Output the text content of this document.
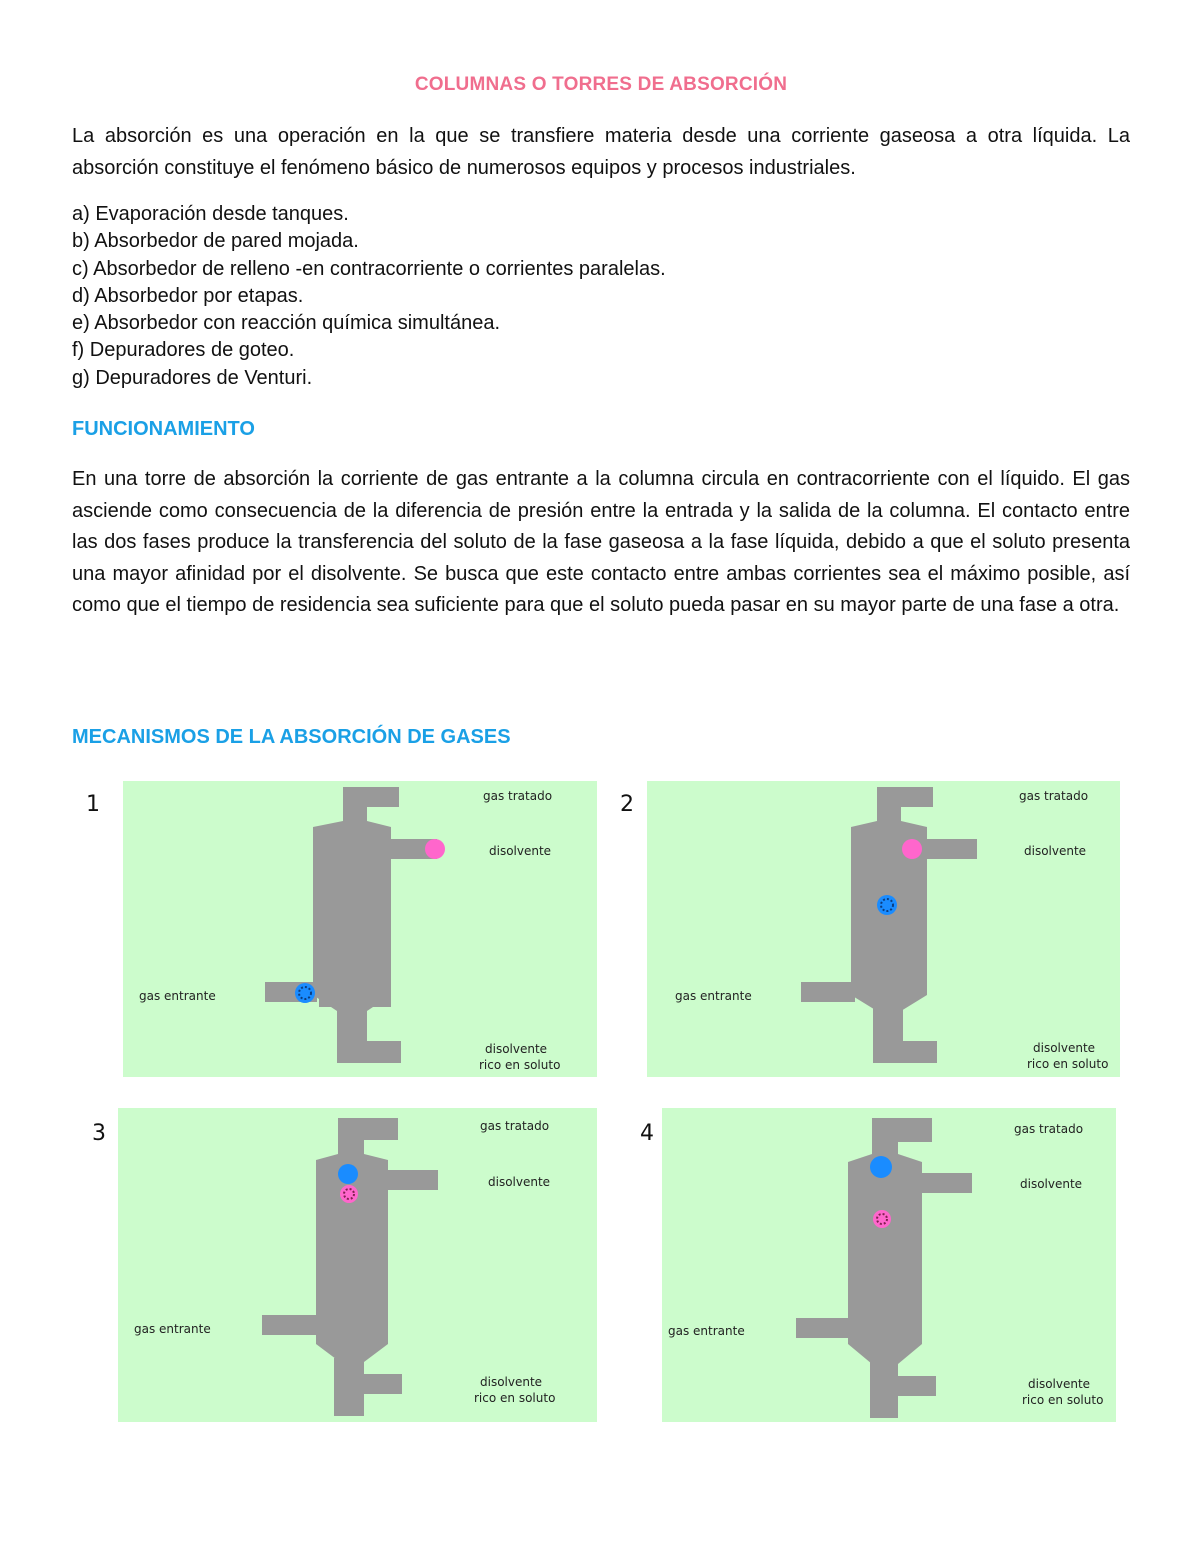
COLUMNAS O TORRES DE ABSORCIÓN

La absorción es una operación en la que se transfiere materia desde una corriente gaseosa a otra líquida. La absorción constituye el fenómeno básico de numerosos equipos y procesos industriales.

a) Evaporación desde tanques.
b) Absorbedor de pared mojada.
c) Absorbedor de relleno -en contracorriente o corrientes paralelas.
d) Absorbedor por etapas.
e) Absorbedor con reacción química simultánea.
f) Depuradores de goteo.
g) Depuradores de Venturi.
FUNCIONAMIENTO

En una torre de absorción la corriente de gas entrante a la columna circula en contracorriente con el líquido. El gas asciende como consecuencia de la diferencia de presión entre la entrada y la salida de la columna. El contacto entre las dos fases produce la transferencia del soluto de la fase gaseosa a la fase líquida, debido a que el soluto presenta una mayor afinidad por el disolvente. Se busca que este contacto entre ambas corrientes sea el máximo posible, así como que el tiempo de residencia sea suficiente para que el soluto pueda pasar en su mayor parte de una fase a otra.

MECANISMOS DE LA ABSORCIÓN DE GASES
1	2
3	4
gas tratado
disolvente
gas entrante
disolvente
rico en soluto
gas tratado
disolvente
gas entrante
disolvente
rico en soluto
gas tratado
disolvente
gas entrante
disolvente
rico en soluto
gas tratado
disolvente
gas entrante
disolvente
rico en soluto
